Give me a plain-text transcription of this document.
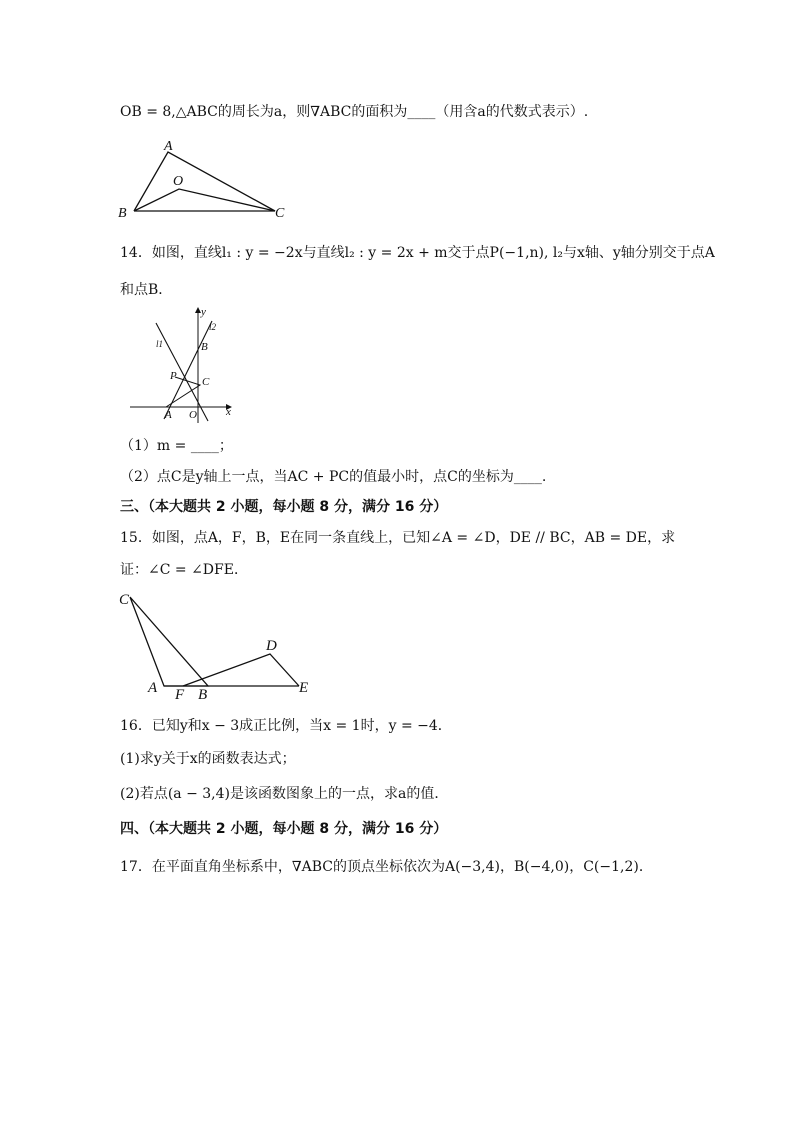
OB = 8,△ABC的周长为a，则∇ABC的面积为____（用含a的代数式表示）.
A
O
B	C
14．如图，直线l₁ : y = −2x与直线l₂ : y = 2x + m交于点P(−1,n), l₂与x轴、y轴分别交于点A
和点B．
y
l2
l1	B
P C
A O	x
（1）m = ____；
（2）点C是y轴上一点，当AC + PC的值最小时，点C的坐标为____.
三、（本大题共 2 小题，每小题 8 分，满分 16 分）
15．如图，点A，F，B，E在同一条直线上，已知∠A = ∠D，DE // BC，AB = DE，求
证：∠C = ∠DFE．
C
D
A F B	E
16．已知y和x − 3成正比例，当x = 1时，y = −4．
(1)求y关于x的函数表达式；
(2)若点(a − 3,4)是该函数图象上的一点，求a的值．
四、（本大题共 2 小题，每小题 8 分，满分 16 分）
17．在平面直角坐标系中，∇ABC的顶点坐标依次为A(−3,4)，B(−4,0)，C(−1,2)．
